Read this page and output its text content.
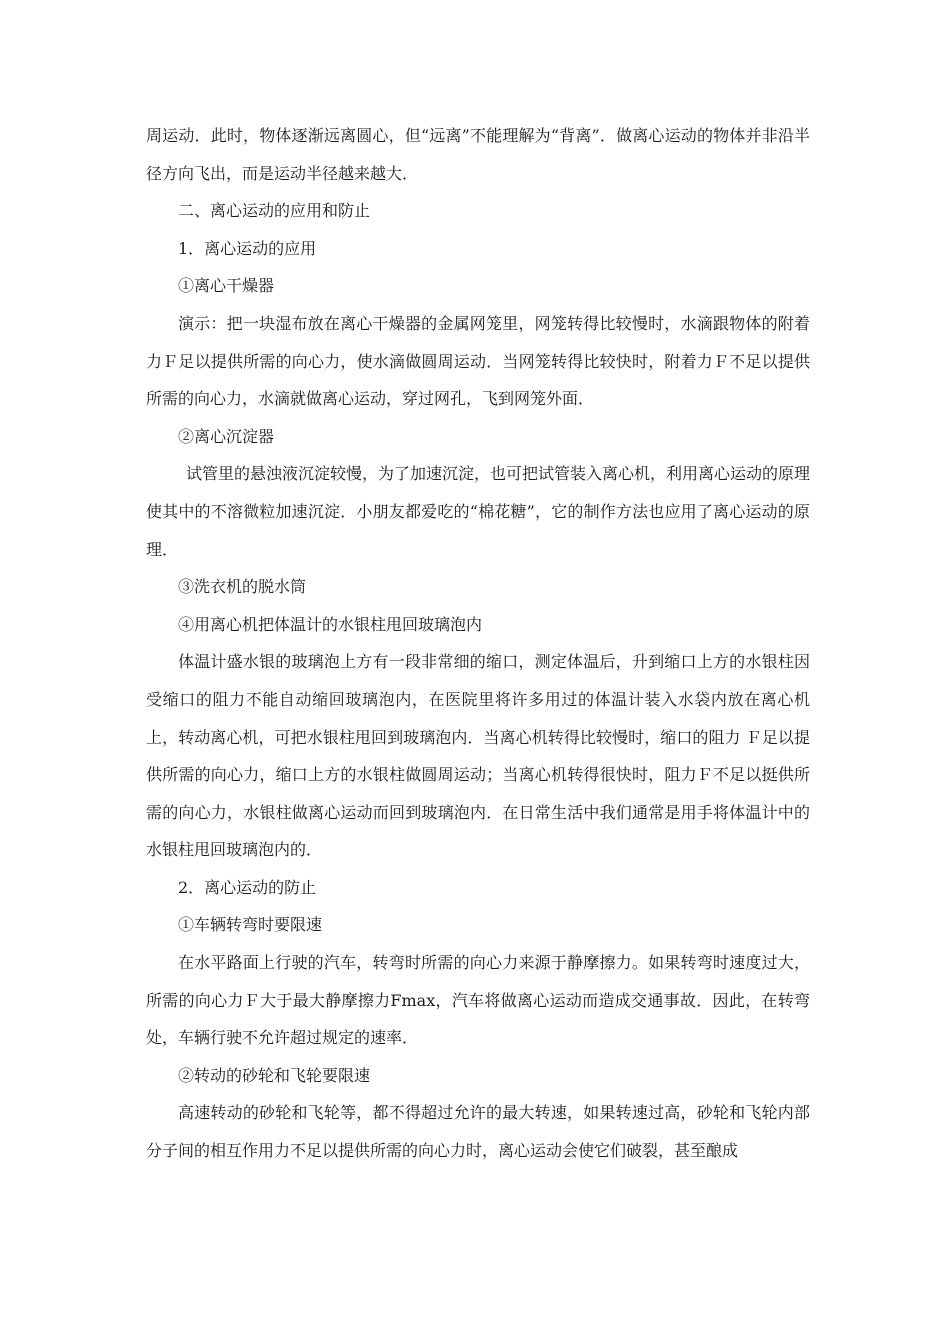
周运动．此时，物体逐渐远离圆心，但“远离”不能理解为“背离”．做离心运动的物体并非沿半径方向飞出，而是运动半径越来越大．

二、离心运动的应用和防止

1．离心运动的应用

①离心干燥器

演示：把一块湿布放在离心干燥器的金属网笼里，网笼转得比较慢时，水滴跟物体的附着力Ｆ足以提供所需的向心力，使水滴做圆周运动．当网笼转得比较快时，附着力Ｆ不足以提供所需的向心力，水滴就做离心运动，穿过网孔，飞到网笼外面．

②离心沉淀器

试管里的悬浊液沉淀较慢，为了加速沉淀，也可把试管装入离心机，利用离心运动的原理使其中的不溶微粒加速沉淀．小朋友都爱吃的“棉花糖”，它的制作方法也应用了离心运动的原理．

③洗衣机的脱水筒

④用离心机把体温计的水银柱甩回玻璃泡内

体温计盛水银的玻璃泡上方有一段非常细的缩口，测定体温后，升到缩口上方的水银柱因受缩口的阻力不能自动缩回玻璃泡内，在医院里将许多用过的体温计装入水袋内放在离心机上，转动离心机，可把水银柱甩回到玻璃泡内．当离心机转得比较慢时，缩口的阻力 Ｆ足以提供所需的向心力，缩口上方的水银柱做圆周运动；当离心机转得很快时，阻力Ｆ不足以挺供所需的向心力，水银柱做离心运动而回到玻璃泡内．在日常生活中我们通常是用手将体温计中的水银柱甩回玻璃泡内的．

2．离心运动的防止

①车辆转弯时要限速

在水平路面上行驶的汽车，转弯时所需的向心力来源于静摩擦力。如果转弯时速度过大，所需的向心力Ｆ大于最大静摩擦力Fmax，汽车将做离心运动而造成交通事故．因此，在转弯处，车辆行驶不允许超过规定的速率．

②转动的砂轮和飞轮要限速

高速转动的砂轮和飞轮等，都不得超过允许的最大转速，如果转速过高，砂轮和飞轮内部分子间的相互作用力不足以提供所需的向心力时，离心运动会使它们破裂，甚至酿成
